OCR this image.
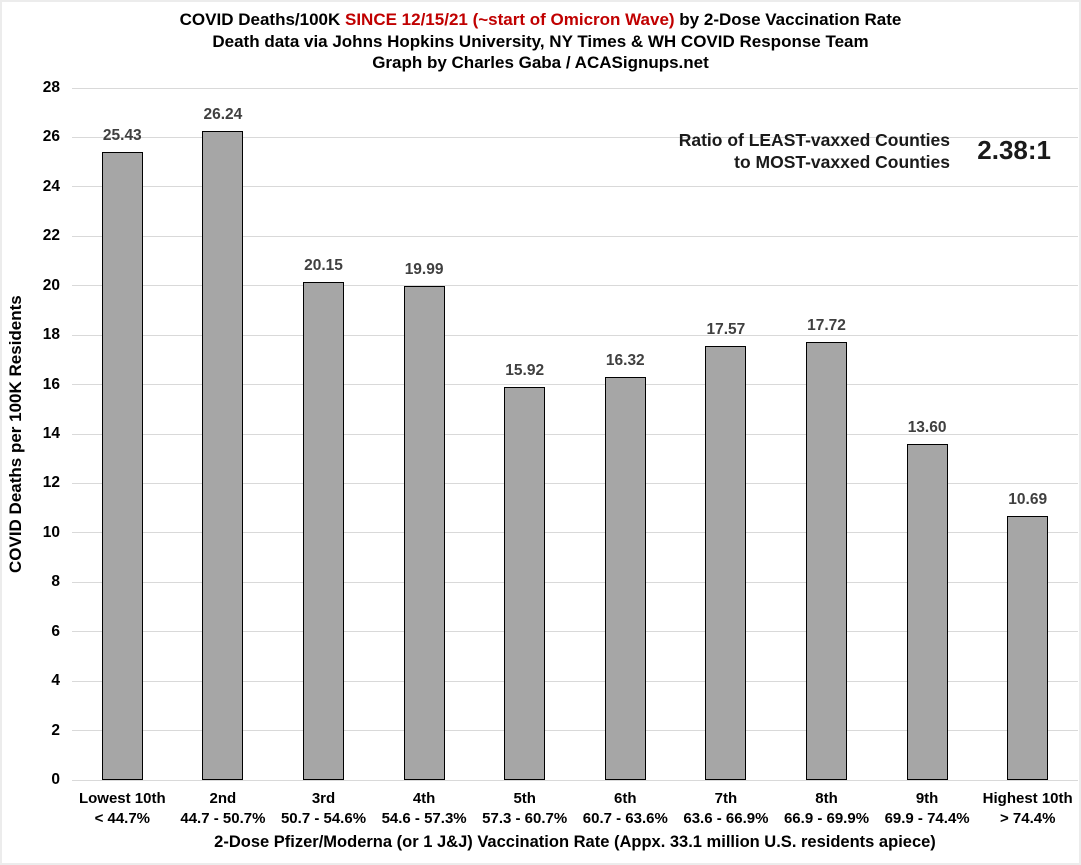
COVID Deaths/100K SINCE 12/15/21 (~start of Omicron Wave) by 2-Dose Vaccination Rate
Death data via Johns Hopkins University, NY Times & WH COVID Response Team
Graph by Charles Gaba / ACASignups.net
0
2
4
6
8
10
12
14
16
18
20
22
24
26
28
25.43
Lowest 10th
< 44.7%
26.24
2nd
44.7 - 50.7%
20.15
3rd
50.7 - 54.6%
19.99
4th
54.6 - 57.3%
15.92
5th
57.3 - 60.7%
16.32
6th
60.7 - 63.6%
17.57
7th
63.6 - 66.9%
17.72
8th
66.9 - 69.9%
13.60
9th
69.9 - 74.4%
10.69
Highest 10th
> 74.4%
COVID Deaths per 100K Residents
2-Dose Pfizer/Moderna (or 1 J&J) Vaccination Rate (Appx. 33.1 million U.S. residents apiece)
Ratio of LEAST-vaxxed Counties
to MOST-vaxxed Counties 2.38:1
